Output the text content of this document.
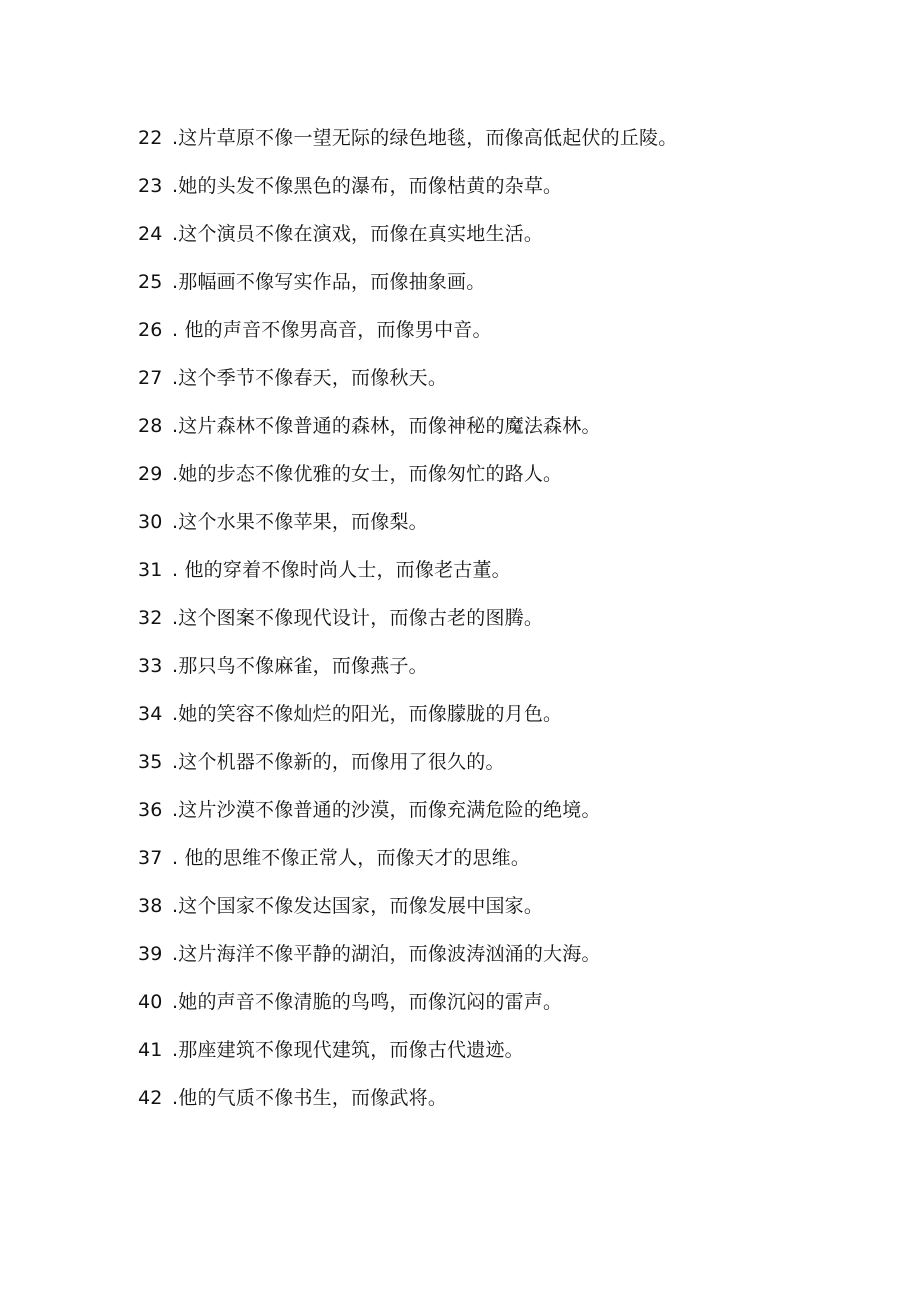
22 .这片草原不像一望无际的绿色地毯，而像高低起伏的丘陵。

23 .她的头发不像黑色的瀑布，而像枯黄的杂草。

24 .这个演员不像在演戏，而像在真实地生活。

25 .那幅画不像写实作品，而像抽象画。

26 . 他的声音不像男高音，而像男中音。

27 .这个季节不像春天，而像秋天。

28 .这片森林不像普通的森林，而像神秘的魔法森林。

29 .她的步态不像优雅的女士，而像匆忙的路人。

30 .这个水果不像苹果，而像梨。

31 . 他的穿着不像时尚人士，而像老古董。

32 .这个图案不像现代设计，而像古老的图腾。

33 .那只鸟不像麻雀，而像燕子。

34 .她的笑容不像灿烂的阳光，而像朦胧的月色。

35 .这个机器不像新的，而像用了很久的。

36 .这片沙漠不像普通的沙漠，而像充满危险的绝境。

37 . 他的思维不像正常人，而像天才的思维。

38 .这个国家不像发达国家，而像发展中国家。

39 .这片海洋不像平静的湖泊，而像波涛汹涌的大海。

40 .她的声音不像清脆的鸟鸣，而像沉闷的雷声。

41 .那座建筑不像现代建筑，而像古代遗迹。

42 .他的气质不像书生，而像武将。
